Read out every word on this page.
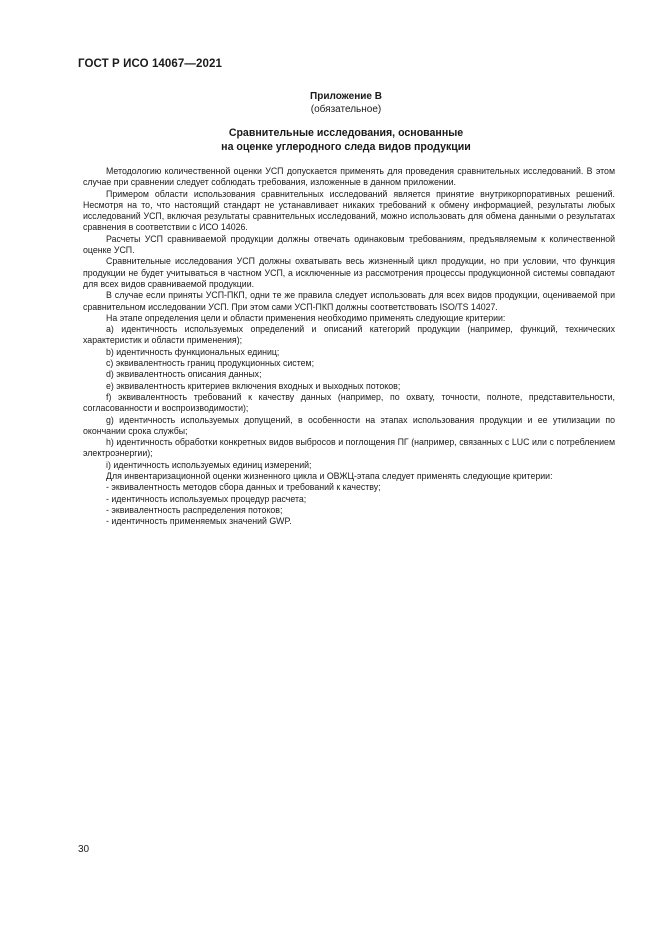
ГОСТ Р ИСО 14067—2021
Приложение В
(обязательное)
Сравнительные исследования, основанные
на оценке углеродного следа видов продукции

Методологию количественной оценки УСП допускается применять для проведения сравнительных исследований. В этом случае при сравнении следует соблюдать требования, изложенные в данном приложении.

Примером области использования сравнительных исследований является принятие внутрикорпоративных решений. Несмотря на то, что настоящий стандарт не устанавливает никаких требований к обмену информацией, результаты любых исследований УСП, включая результаты сравнительных исследований, можно использовать для обмена данными о результатах сравнения в соответствии с ИСО 14026.

Расчеты УСП сравниваемой продукции должны отвечать одинаковым требованиям, предъявляемым к количественной оценке УСП.

Сравнительные исследования УСП должны охватывать весь жизненный цикл продукции, но при условии, что функция продукции не будет учитываться в частном УСП, а исключенные из рассмотрения процессы продукционной системы совпадают для всех видов сравниваемой продукции.

В случае если приняты УСП-ПКП, одни те же правила следует использовать для всех видов продукции, оцениваемой при сравнительном исследовании УСП. При этом сами УСП-ПКП должны соответствовать ISO/TS 14027.

На этапе определения цели и области применения необходимо применять следующие критерии:

a) идентичность используемых определений и описаний категорий продукции (например, функций, технических характеристик и области применения);

b) идентичность функциональных единиц;

c) эквивалентность границ продукционных систем;

d) эквивалентность описания данных;

e) эквивалентность критериев включения входных и выходных потоков;

f) эквивалентность требований к качеству данных (например, по охвату, точности, полноте, представительности, согласованности и воспроизводимости);

g) идентичность используемых допущений, в особенности на этапах использования продукции и ее утилизации по окончании срока службы;

h) идентичность обработки конкретных видов выбросов и поглощения ПГ (например, связанных с LUC или с потреблением электроэнергии);

i) идентичность используемых единиц измерений;

Для инвентаризационной оценки жизненного цикла и ОВЖЦ-этапа следует применять следующие критерии:

- эквивалентность методов сбора данных и требований к качеству;

- идентичность используемых процедур расчета;

- эквивалентность распределения потоков;

- идентичность применяемых значений GWP.

30
